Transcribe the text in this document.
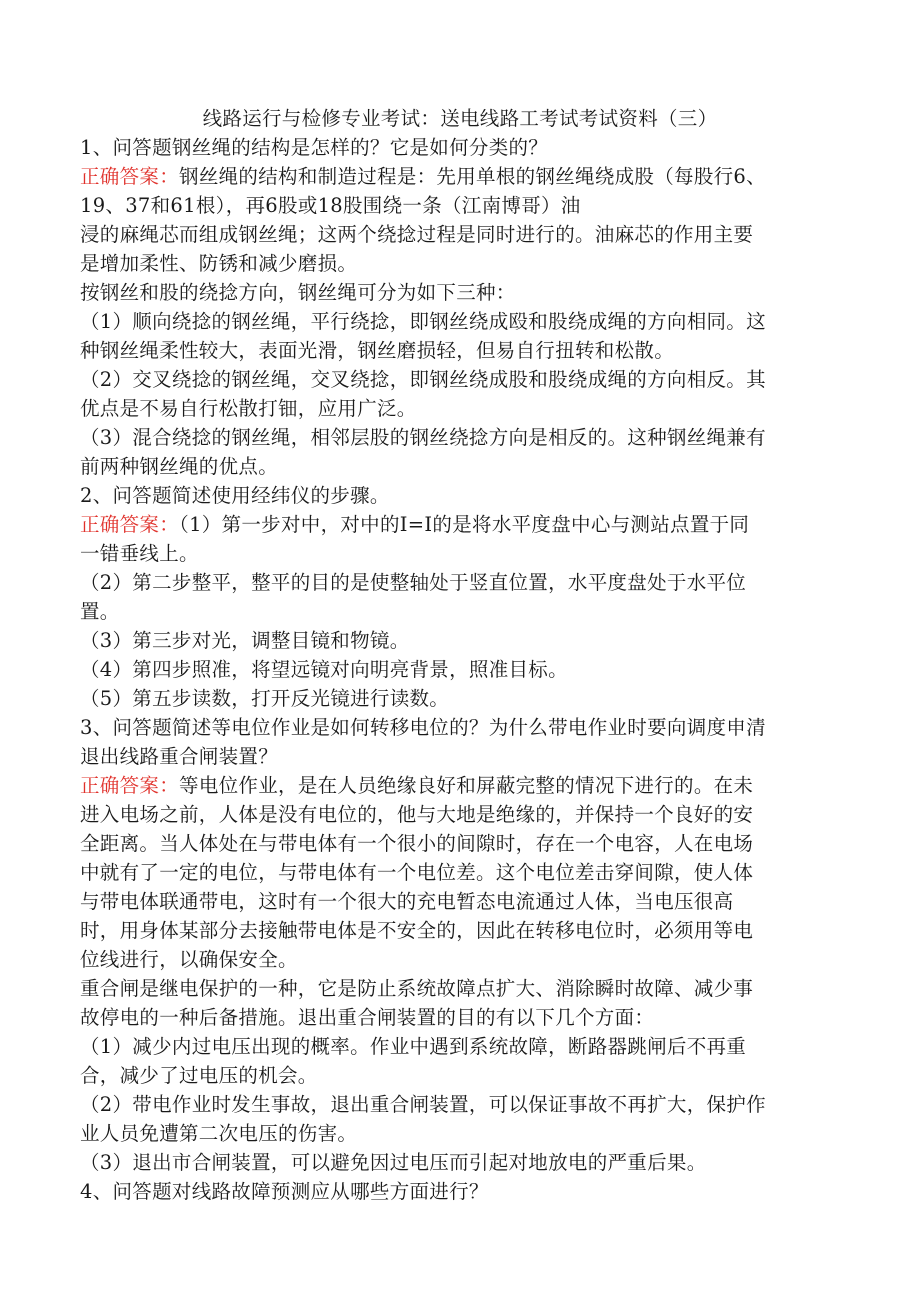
线路运行与检修专业考试：送电线路工考试考试资料（三）

1、问答题钢丝绳的结构是怎样的？它是如何分类的？

正确答案：钢丝绳的结构和制造过程是：先用单根的钢丝绳绕成股（每股行6、

19、37和61根），再6股或18股围绕一条（江南博哥）油

浸的麻绳芯而组成钢丝绳；这两个绕捻过程是同时进行的。油麻芯的作用主要

是增加柔性、防锈和减少磨损。

按钢丝和股的绕捻方向，钢丝绳可分为如下三种：

（1）顺向绕捻的钢丝绳，平行绕捻，即钢丝绕成殴和股绕成绳的方向相同。这

种钢丝绳柔性较大，表面光滑，钢丝磨损轻，但易自行扭转和松散。

（2）交叉绕捻的钢丝绳，交叉绕捻，即钢丝绕成股和股绕成绳的方向相反。其

优点是不易自行松散打钿，应用广泛。

（3）混合绕捻的钢丝绳，相邻层股的钢丝绕捻方向是相反的。这种钢丝绳兼有

前两种钢丝绳的优点。

2、问答题简述使用经纬仪的步骤。

正确答案：（1）第一步对中，对中的I=I的是将水平度盘中心与测站点置于同

一错垂线上。

（2）第二步整平，整平的目的是使整轴处于竖直位置，水平度盘处于水平位

置。

（3）第三步对光，调整目镜和物镜。

（4）第四步照准，将望远镜对向明亮背景，照准目标。

（5）第五步读数，打开反光镜进行读数。

3、问答题简述等电位作业是如何转移电位的？为什么带电作业时要向调度申清

退出线路重合闸装置？

正确答案：等电位作业，是在人员绝缘良好和屏蔽完整的情况下进行的。在未

进入电场之前，人体是没有电位的，他与大地是绝缘的，并保持一个良好的安

全距离。当人体处在与带电体有一个很小的间隙时，存在一个电容，人在电场

中就有了一定的电位，与带电体有一个电位差。这个电位差击穿间隙，使人体

与带电体联通带电，这时有一个很大的充电暂态电流通过人体，当电压很高

时，用身体某部分去接触带电体是不安全的，因此在转移电位时，必须用等电

位线进行，以确保安全。

重合闸是继电保护的一种，它是防止系统故障点扩大、消除瞬时故障、减少事

故停电的一种后备措施。退出重合闸装置的目的有以下几个方面：

（1）减少内过电压出现的概率。作业中遇到系统故障，断路器跳闸后不再重

合，减少了过电压的机会。

（2）带电作业时发生事故，退出重合闸装置，可以保证事故不再扩大，保护作

业人员免遭第二次电压的伤害。

（3）退出市合闸装置，可以避免因过电压而引起对地放电的严重后果。

4、问答题对线路故障预测应从哪些方面进行？
